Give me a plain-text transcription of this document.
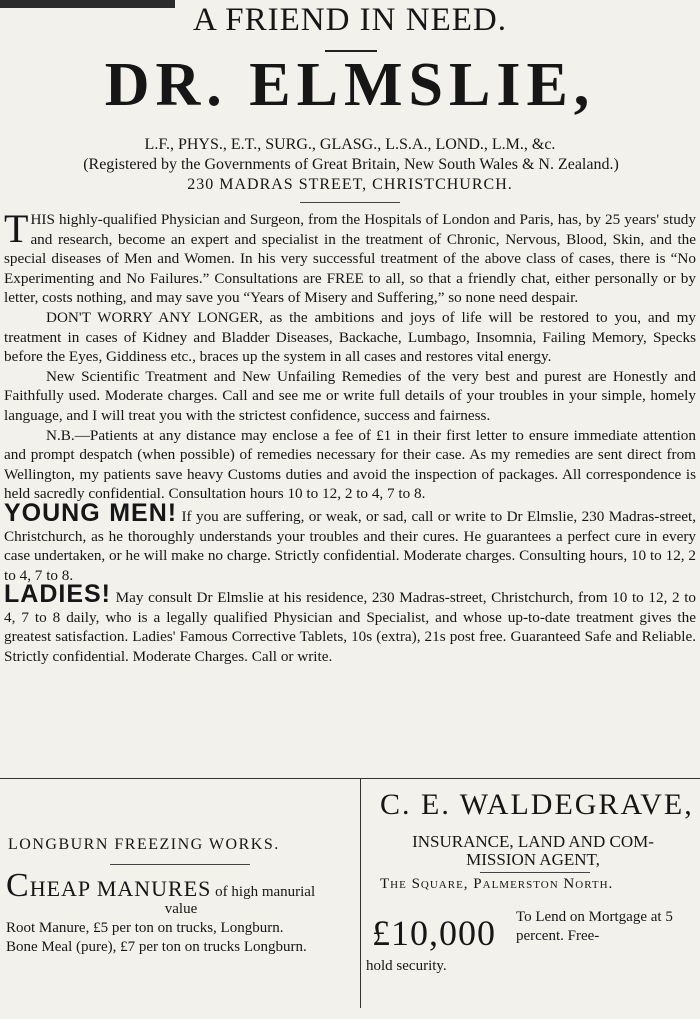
A FRIEND IN NEED.
DR. ELMSLIE,
L.F., PHYS., E.T., SURG., GLASG., L.S.A., LOND., L.M., &c.
(Registered by the Governments of Great Britain, New South Wales & N. Zealand.)
230 MADRAS STREET, CHRISTCHURCH.

THIS highly-qualified Physician and Surgeon, from the Hospitals of London and Paris, has, by 25 years' study and research, become an expert and specialist in the treatment of Chronic, Nervous, Blood, Skin, and the special diseases of Men and Women. In his very successful treatment of the above class of cases, there is “No Experimenting and No Failures.” Consultations are FREE to all, so that a friendly chat, either personally or by letter, costs nothing, and may save you “Years of Misery and Suffering,” so none need despair.

DON'T WORRY ANY LONGER, as the ambitions and joys of life will be restored to you, and my treatment in cases of Kidney and Bladder Diseases, Backache, Lumbago, Insomnia, Failing Memory, Specks before the Eyes, Giddiness etc., braces up the system in all cases and restores vital energy.

New Scientific Treatment and New Unfailing Remedies of the very best and purest are Honestly and Faithfully used. Moderate charges. Call and see me or write full details of your troubles in your simple, homely language, and I will treat you with the strictest confidence, success and fairness.

N.B.—Patients at any distance may enclose a fee of £1 in their first letter to ensure immediate attention and prompt despatch (when possible) of remedies necessary for their case. As my remedies are sent direct from Wellington, my patients save heavy Customs duties and avoid the inspection of packages. All correspondence is held sacredly confidential. Consultation hours 10 to 12, 2 to 4, 7 to 8.

YOUNG MEN! If you are suffering, or weak, or sad, call or write to Dr Elmslie, 230 Madras-street, Christchurch, as he thoroughly understands your troubles and their cures. He guarantees a perfect cure in every case undertaken, or he will make no charge. Strictly confidential. Moderate charges. Consulting hours, 10 to 12, 2 to 4, 7 to 8.

LADIES! May consult Dr Elmslie at his residence, 230 Madras-street, Christchurch, from 10 to 12, 2 to 4, 7 to 8 daily, who is a legally qualified Physician and Specialist, and whose up-to-date treatment gives the greatest satisfaction. Ladies' Famous Corrective Tablets, 10s (extra), 21s post free. Guaranteed Safe and Reliable. Strictly confidential. Moderate Charges. Call or write.

LONGBURN FREEZING WORKS.
CHEAP MANURES of high manurial
value
Root Manure, £5 per ton on trucks, Longburn.
Bone Meal (pure), £7 per ton on trucks Longburn.
C. E. WALDEGRAVE,
INSURANCE, LAND AND COM-
MISSION AGENT,
The Square, Palmerston North.
£10,000 To Lend on Mortgage at 5 percent. Free-
hold security.
